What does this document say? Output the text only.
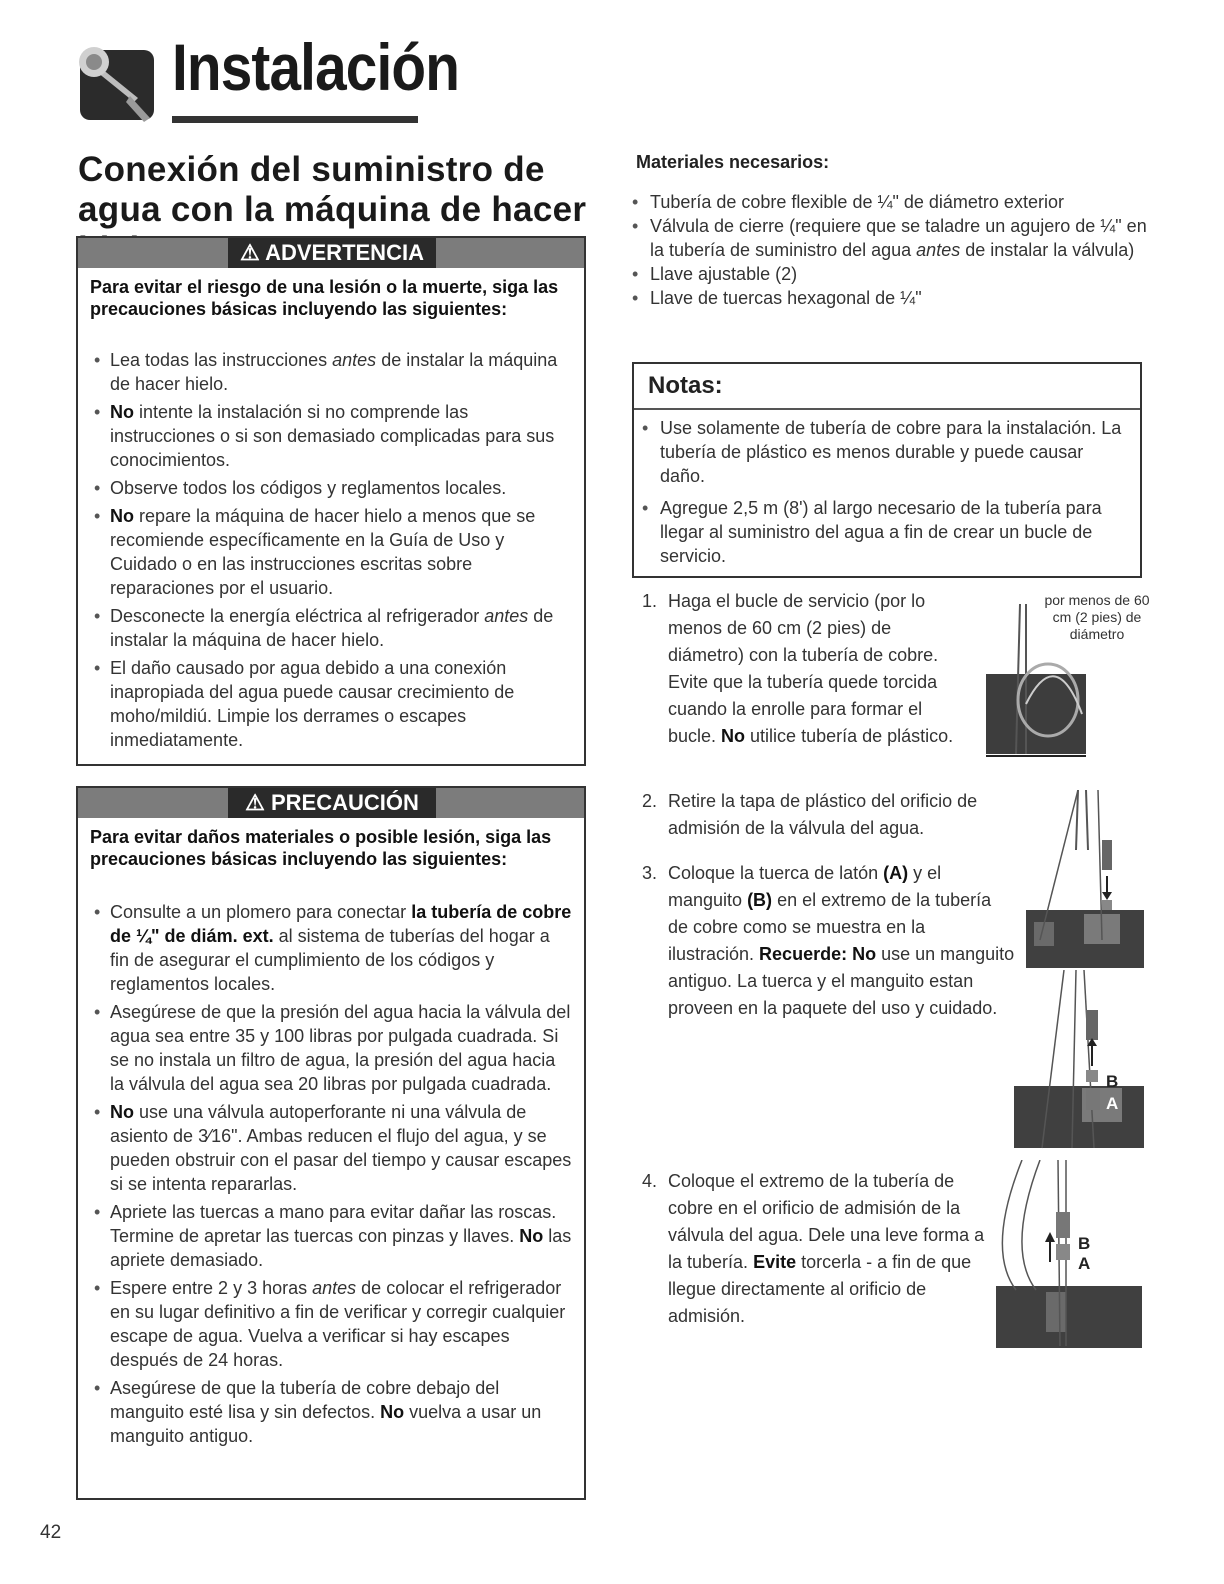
Instalación
Conexión del suministro de agua con la máquina de hacer
⚠ ADVERTENCIA
Para evitar el riesgo de una lesión o la muerte, siga las precauciones básicas incluyendo las siguientes:
• Lea todas las instrucciones antes de instalar la máquina de hacer hielo.
• No intente la instalación si no comprende las instrucciones o si son demasiado complicadas para sus conocimientos.
• Observe todos los códigos y reglamentos locales.
• No repare la máquina de hacer hielo a menos que se recomiende específicamente en la Guía de Uso y Cuidado o en las instrucciones escritas sobre reparaciones por el usuario.
• Desconecte la energía eléctrica al refrigerador antes de instalar la máquina de hacer hielo.
• El daño causado por agua debido a una conexión inapropiada del agua puede causar crecimiento de moho/mildiú. Limpie los derrames o escapes inmediatamente.
⚠ PRECAUCIÓN
Para evitar daños materiales o posible lesión, siga las precauciones básicas incluyendo las siguientes:
• Consulte a un plomero para conectar la tubería de cobre de ¼" de diám. ext. al sistema de tuberías del hogar a fin de asegurar el cumplimiento de los códigos y reglamentos locales.
• Asegúrese de que la presión del agua hacia la válvula del agua sea entre 35 y 100 libras por pulgada cuadrada. Si se no instala un filtro de agua, la presión del agua hacia la válvula del agua sea 20 libras por pulgada cuadrada.
• No use una válvula autoperforante ni una válvula de asiento de 3⁄16". Ambas reducen el flujo del agua, y se pueden obstruir con el pasar del tiempo y causar escapes si se intenta repararlas.
• Apriete las tuercas a mano para evitar dañar las roscas. Termine de apretar las tuercas con pinzas y llaves. No las apriete demasiado.
• Espere entre 2 y 3 horas antes de colocar el refrigerador en su lugar definitivo a fin de verificar y corregir cualquier escape de agua. Vuelva a verificar si hay escapes después de 24 horas.
• Asegúrese de que la tubería de cobre debajo del manguito esté lisa y sin defectos. No vuelva a usar un manguito antiguo.
Materiales necesarios:
• Tubería de cobre flexible de ¼" de diámetro exterior
• Válvula de cierre (requiere que se taladre un agujero de ¼" en la tubería de suministro del agua antes de instalar la válvula)
• Llave ajustable (2)
• Llave de tuercas hexagonal de ¼"
Notas:
• Use solamente de tubería de cobre para la instalación. La tubería de plástico es menos durable y puede causar daño.
• Agregue 2,5 m (8') al largo necesario de la tubería para llegar al suministro del agua a fin de crear un bucle de servicio.
1. Haga el bucle de servicio (por lo menos de 60 cm (2 pies) de diámetro) con la tubería de cobre. Evite que la tubería quede torcida cuando la enrolle para formar el bucle. No utilice tubería de plástico.
por menos de 60 cm (2 pies) de diámetro
2. Retire la tapa de plástico del orificio de admisión de la válvula del agua.
3. Coloque la tuerca de latón (A) y el manguito (B) en el extremo de la tubería de cobre como se muestra en la ilustración. Recuerde: No use un manguito antiguo. La tuerca y el manguito estan proveen en la paquete del uso y cuidado.
B
A
4. Coloque el extremo de la tubería de cobre en el orificio de admisión de la válvula del agua. Dele una leve forma a la tubería. Evite torcerla - a fin de que llegue directamente al orificio de admisión.
B
A
42
